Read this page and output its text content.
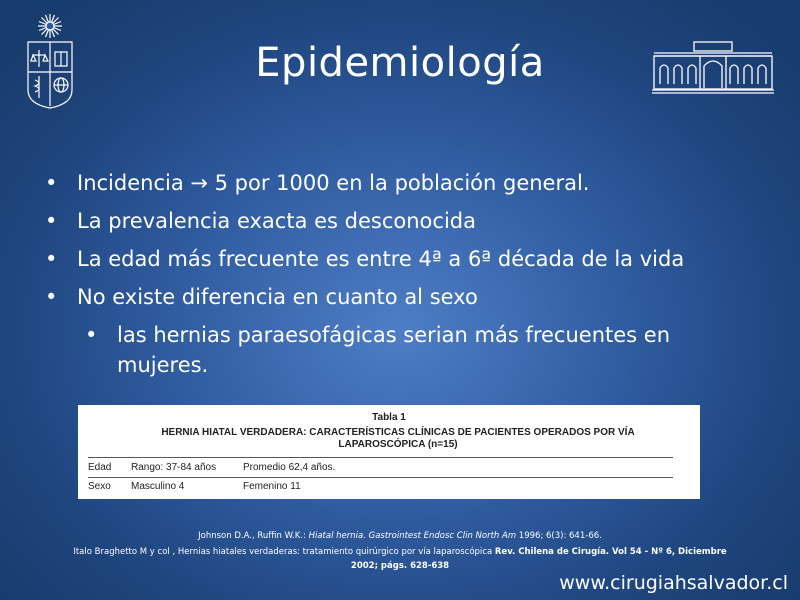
Epidemiología
• Incidencia → 5 por 1000 en la población general.
• La prevalencia exacta es desconocida
• La edad más frecuente es entre 4ª a 6ª década de la vida
• No existe diferencia en cuanto al sexo
• las hernias paraesofágicas serian más frecuentes en
mujeres.
Tabla 1
HERNIA HIATAL VERDADERA: CARACTERÍSTICAS CLÍNICAS DE PACIENTES OPERADOS POR VÍA
LAPAROSCÓPICA (n=15)
Edad Rango: 37-84 años	Promedio 62,4 años.
Sexo Masculino 4	Femenino 11
Johnson D.A., Ruffin W.K.: Hiatal hernia. Gastrointest Endosc Clin North Am 1996; 6(3): 641-66.
Italo Braghetto M y col , Hernias hiatales verdaderas: tratamiento quirúrgico por vía laparoscópica Rev. Chilena de Cirugía. Vol 54 - Nº 6, Diciembre
2002; págs. 628-638
www.cirugiahsalvador.cl
